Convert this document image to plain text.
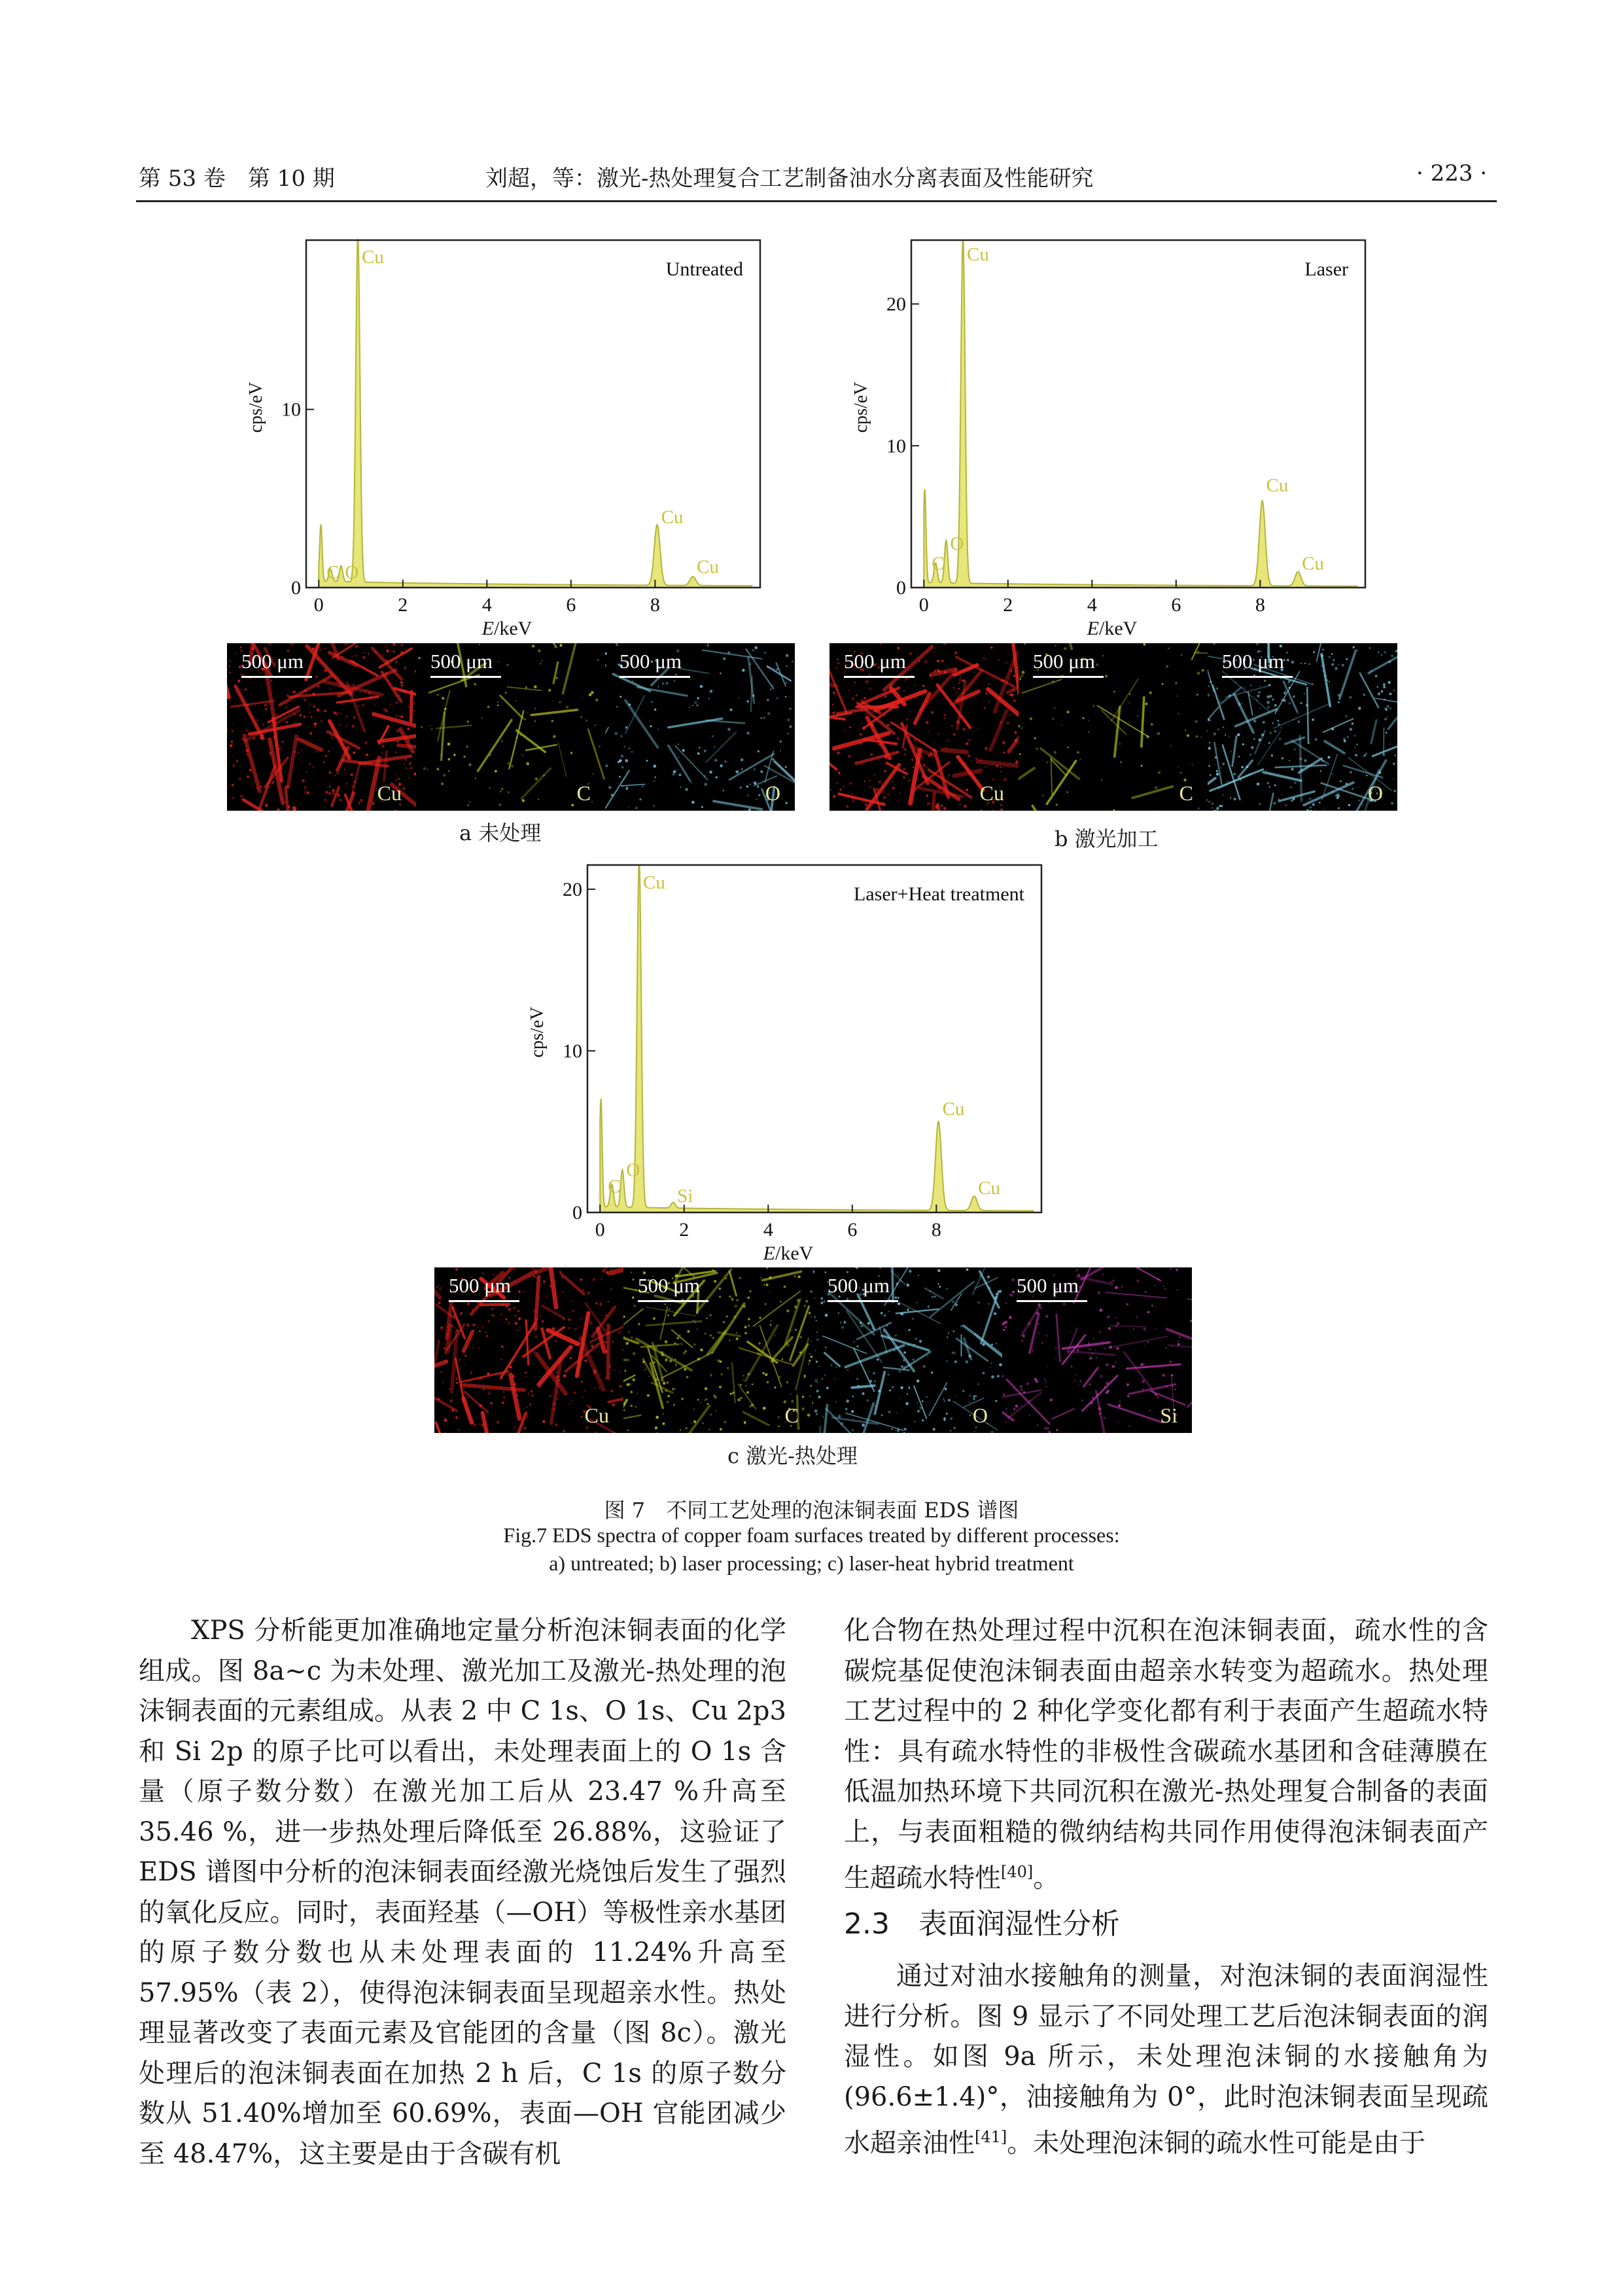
第 53 卷　第 10 期	刘超，等：激光-热处理复合工艺制备油水分离表面及性能研究	· 223 ·
0	2	4	6	8
0
10
E/keV
cps/eV
Untreated
Cu
C O
Cu
Cu
0	2	4	6	8
0
10
20
E/keV
cps/eV
Laser
Cu
C
O
Cu
Cu
0	2	4	6	8
0
10
20
E/keV
cps/eV
Laser+Heat treatment
Cu
C
O
Si
Cu
Cu
500 μm
Cu
500 μm
C
500 μm
O
500 μm
Cu
500 μm
C
500 μm
O
a 未处理	b 激光加工
500 μm
Cu
500 μm
C
500 μm
O
500 μm
Si
c 激光-热处理
图 7　不同工艺处理的泡沫铜表面 EDS 谱图
Fig.7 EDS spectra of copper foam surfaces treated by different processes:
a) untreated; b) laser processing; c) laser-heat hybrid treatment

XPS 分析能更加准确地定量分析泡沫铜表面的化学组成。图 8a~c 为未处理、激光加工及激光-热处理的泡沫铜表面的元素组成。从表 2 中 C 1s、O 1s、Cu 2p3 和 Si 2p 的原子比可以看出，未处理表面上的 O 1s 含量（原子数分数）在激光加工后从 23.47 %升高至 35.46 %，进一步热处理后降低至 26.88%，这验证了 EDS 谱图中分析的泡沫铜表面经激光烧蚀后发生了强烈的氧化反应。同时，表面羟基（—OH）等极性亲水基团的原子数分数也从未处理表面的 11.24%升高至 57.95%（表 2），使得泡沫铜表面呈现超亲水性。热处理显著改变了表面元素及官能团的含量（图 8c）。激光处理后的泡沫铜表面在加热 2 h 后，C 1s 的原子数分数从 51.40%增加至 60.69%，表面—OH 官能团减少至 48.47%，这主要是由于含碳有机

化合物在热处理过程中沉积在泡沫铜表面，疏水性的含碳烷基促使泡沫铜表面由超亲水转变为超疏水。热处理工艺过程中的 2 种化学变化都有利于表面产生超疏水特性：具有疏水特性的非极性含碳疏水基团和含硅薄膜在低温加热环境下共同沉积在激光-热处理复合制备的表面上，与表面粗糙的微纳结构共同作用使得泡沫铜表面产生超疏水特性[40]。

2.3　表面润湿性分析

通过对油水接触角的测量，对泡沫铜的表面润湿性进行分析。图 9 显示了不同处理工艺后泡沫铜表面的润湿性。如图 9a 所示，未处理泡沫铜的水接触角为(96.6±1.4)°，油接触角为 0°，此时泡沫铜表面呈现疏水超亲油性[41]。未处理泡沫铜的疏水性可能是由于
